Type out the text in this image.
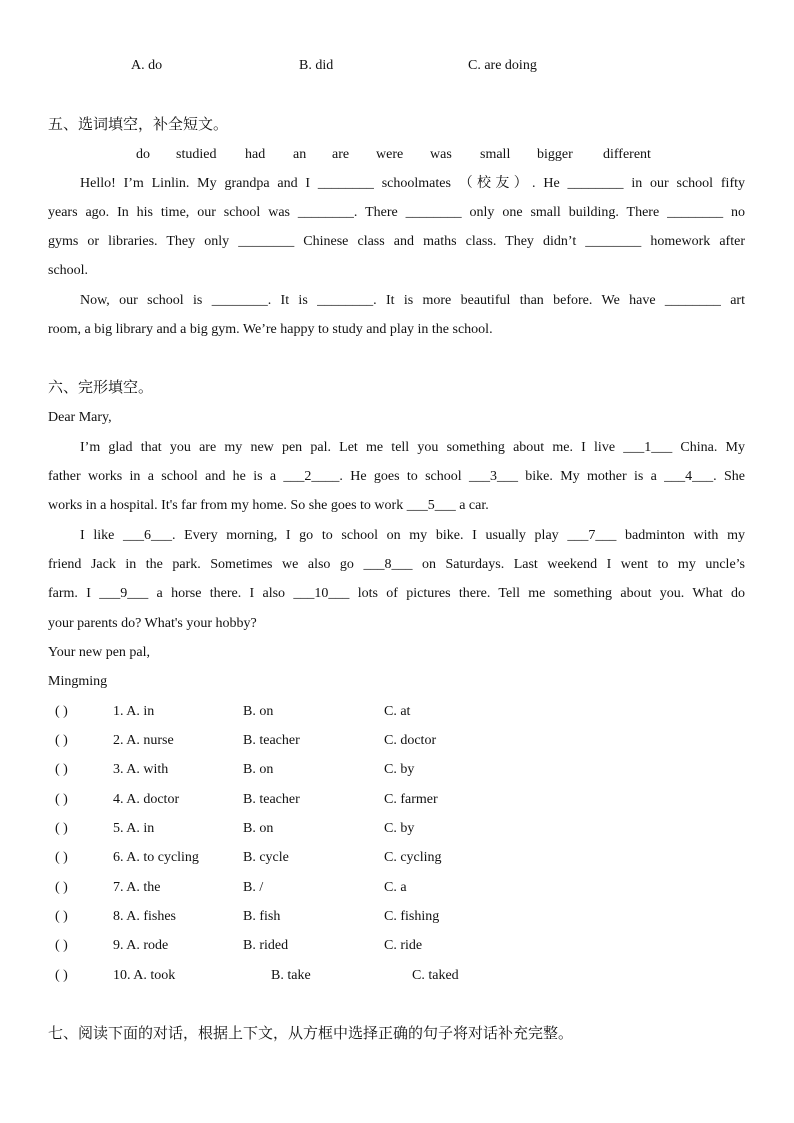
A. do	B. did	C. are doing
五、选词填空，补全短文。
do studied had an are were was small bigger different
Hello! I’m Linlin. My grandpa and I ________ schoolmates （校友）. He ________ in our school fifty
years ago. In his time, our school was ________. There ________ only one small building. There ________ no
gyms or libraries. They only ________ Chinese class and maths class. They didn’t ________ homework after
school.
Now, our school is ________. It is ________. It is more beautiful than before. We have ________ art
room, a big library and a big gym. We’re happy to study and play in the school.
六、完形填空。
Dear Mary,
I’m glad that you are my new pen pal. Let me tell you something about me. I live ___1___ China. My
father works in a school and he is a ___2____. He goes to school ___3___ bike. My mother is a ___4___. She
works in a hospital. It's far from my home. So she goes to work ___5___ a car.
I like ___6___. Every morning, I go to school on my bike. I usually play ___7___ badminton with my
friend Jack in the park. Sometimes we also go ___8___ on Saturdays. Last weekend I went to my uncle’s
farm. I ___9___ a horse there. I also ___10___ lots of pictures there. Tell me something about you. What do
your parents do? What's your hobby?
Your new pen pal,
Mingming
( )	1. A. in	B. on	C. at
( )	2. A. nurse	B. teacher	C. doctor
( )	3. A. with	B. on	C. by
( )	4. A. doctor	B. teacher	C. farmer
( )	5. A. in	B. on	C. by
( )	6. A. to cycling	B. cycle	C. cycling
( )	7. A. the	B. /	C. a
( )	8. A. fishes	B. fish	C. fishing
( )	9. A. rode	B. rided	C. ride
( )	10. A. took	B. take	C. taked
七、阅读下面的对话，根据上下文，从方框中选择正确的句子将对话补充完整。
